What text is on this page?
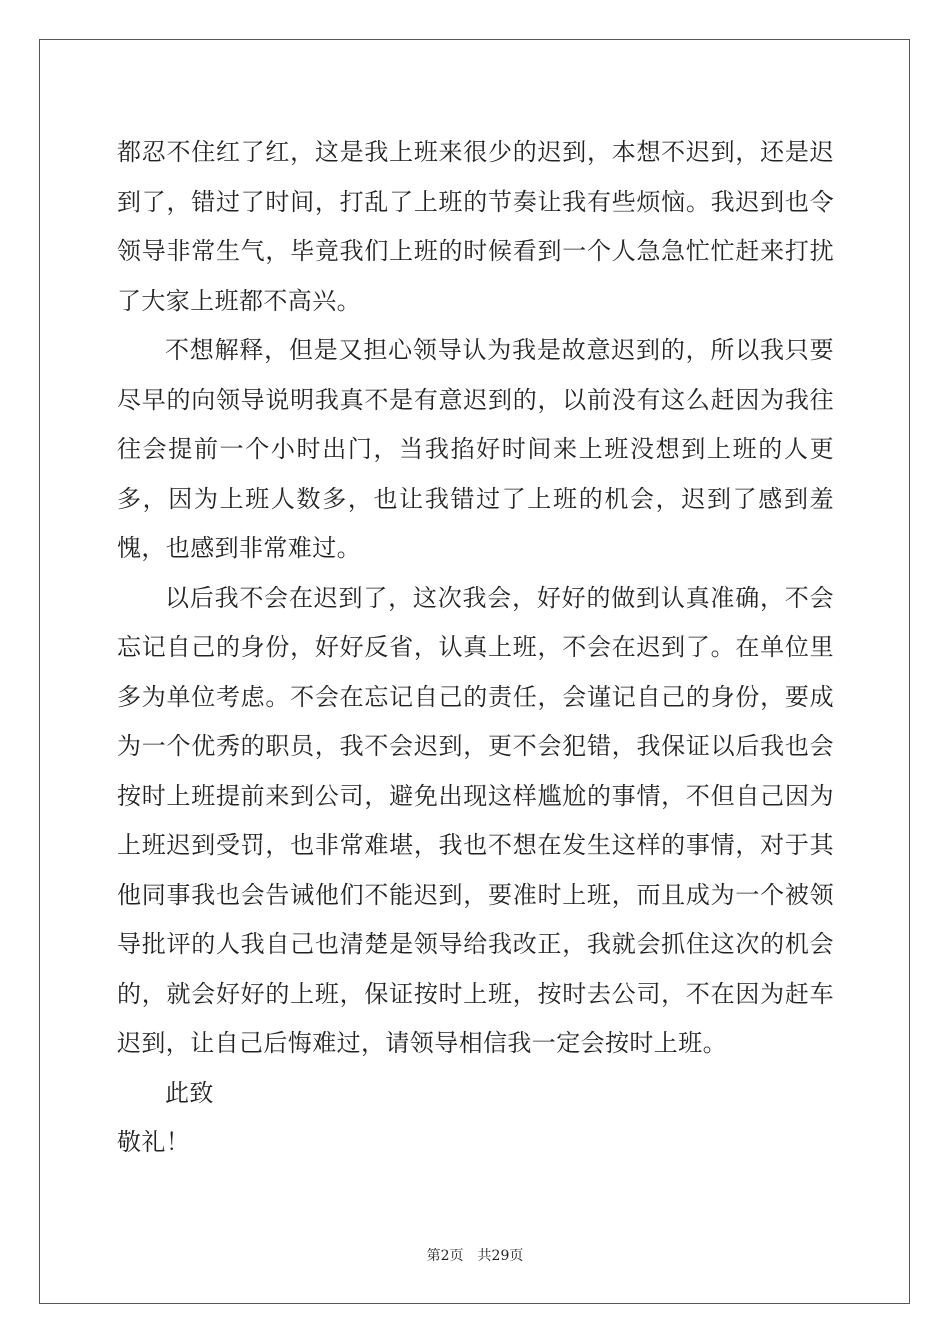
都忍不住红了红，这是我上班来很少的迟到，本想不迟到，还是迟到了，错过了时间，打乱了上班的节奏让我有些烦恼。我迟到也令领导非常生气，毕竟我们上班的时候看到一个人急急忙忙赶来打扰了大家上班都不高兴。

不想解释，但是又担心领导认为我是故意迟到的，所以我只要尽早的向领导说明我真不是有意迟到的，以前没有这么赶因为我往往会提前一个小时出门，当我掐好时间来上班没想到上班的人更多，因为上班人数多，也让我错过了上班的机会，迟到了感到羞愧，也感到非常难过。

以后我不会在迟到了，这次我会，好好的做到认真准确，不会忘记自己的身份，好好反省，认真上班，不会在迟到了。在单位里多为单位考虑。不会在忘记自己的责任，会谨记自己的身份，要成为一个优秀的职员，我不会迟到，更不会犯错，我保证以后我也会按时上班提前来到公司，避免出现这样尴尬的事情，不但自己因为上班迟到受罚，也非常难堪，我也不想在发生这样的事情，对于其他同事我也会告诫他们不能迟到，要准时上班，而且成为一个被领导批评的人我自己也清楚是领导给我改正，我就会抓住这次的机会的，就会好好的上班，保证按时上班，按时去公司，不在因为赶车迟到，让自己后悔难过，请领导相信我一定会按时上班。

此致

敬礼！

第2页 共29页
